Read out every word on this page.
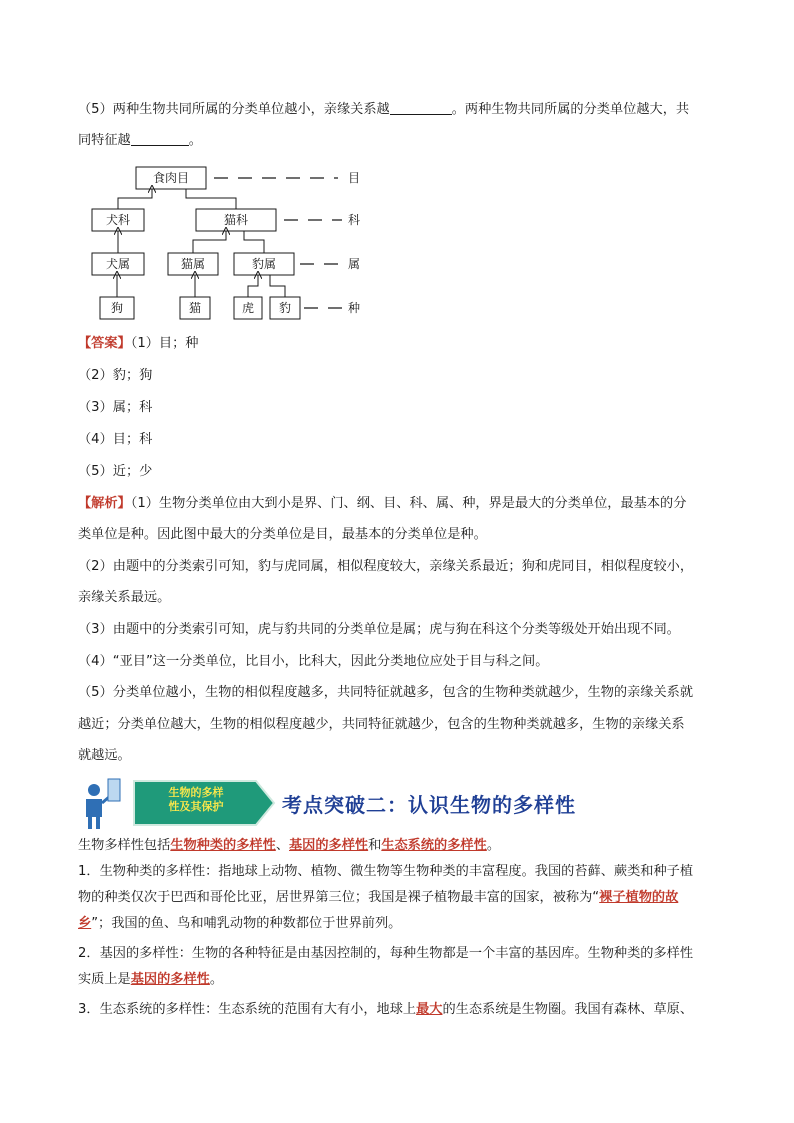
（5）两种生物共同所属的分类单位越小，亲缘关系越	。两种生物共同所属的分类单位越大，共
同特征越	。
食肉目
犬科	猫科
犬属	猫属	豹属
狗	猫	虎 豹
目
科
属
种
【答案】（1）目；种
（2）豹；狗
（3）属；科
（4）目；科
（5）近；少
【解析】（1）生物分类单位由大到小是界、门、纲、目、科、属、种，界是最大的分类单位，最基本的分
类单位是种。因此图中最大的分类单位是目，最基本的分类单位是种。
（2）由题中的分类索引可知，豹与虎同属，相似程度较大，亲缘关系最近；狗和虎同目，相似程度较小，
亲缘关系最远。
（3）由题中的分类索引可知，虎与豹共同的分类单位是属；虎与狗在科这个分类等级处开始出现不同。
（4）“亚目”这一分类单位，比目小，比科大，因此分类地位应处于目与科之间。
（5）分类单位越小，生物的相似程度越多，共同特征就越多，包含的生物种类就越少，生物的亲缘关系就
越近；分类单位越大，生物的相似程度越少，共同特征就越少，包含的生物种类就越多，生物的亲缘关系
就越远。
生物的多样
性及其保护	考点突破二：认识生物的多样性
生物多样性包括生物种类的多样性、基因的多样性和生态系统的多样性。
1．生物种类的多样性：指地球上动物、植物、微生物等生物种类的丰富程度。我国的苔藓、蕨类和种子植
物的种类仅次于巴西和哥伦比亚，居世界第三位；我国是裸子植物最丰富的国家，被称为“裸子植物的故
乡”；我国的鱼、鸟和哺乳动物的种数都位于世界前列。
2．基因的多样性：生物的各种特征是由基因控制的，每种生物都是一个丰富的基因库。生物种类的多样性
实质上是基因的多样性。
3．生态系统的多样性：生态系统的范围有大有小，地球上最大的生态系统是生物圈。我国有森林、草原、
